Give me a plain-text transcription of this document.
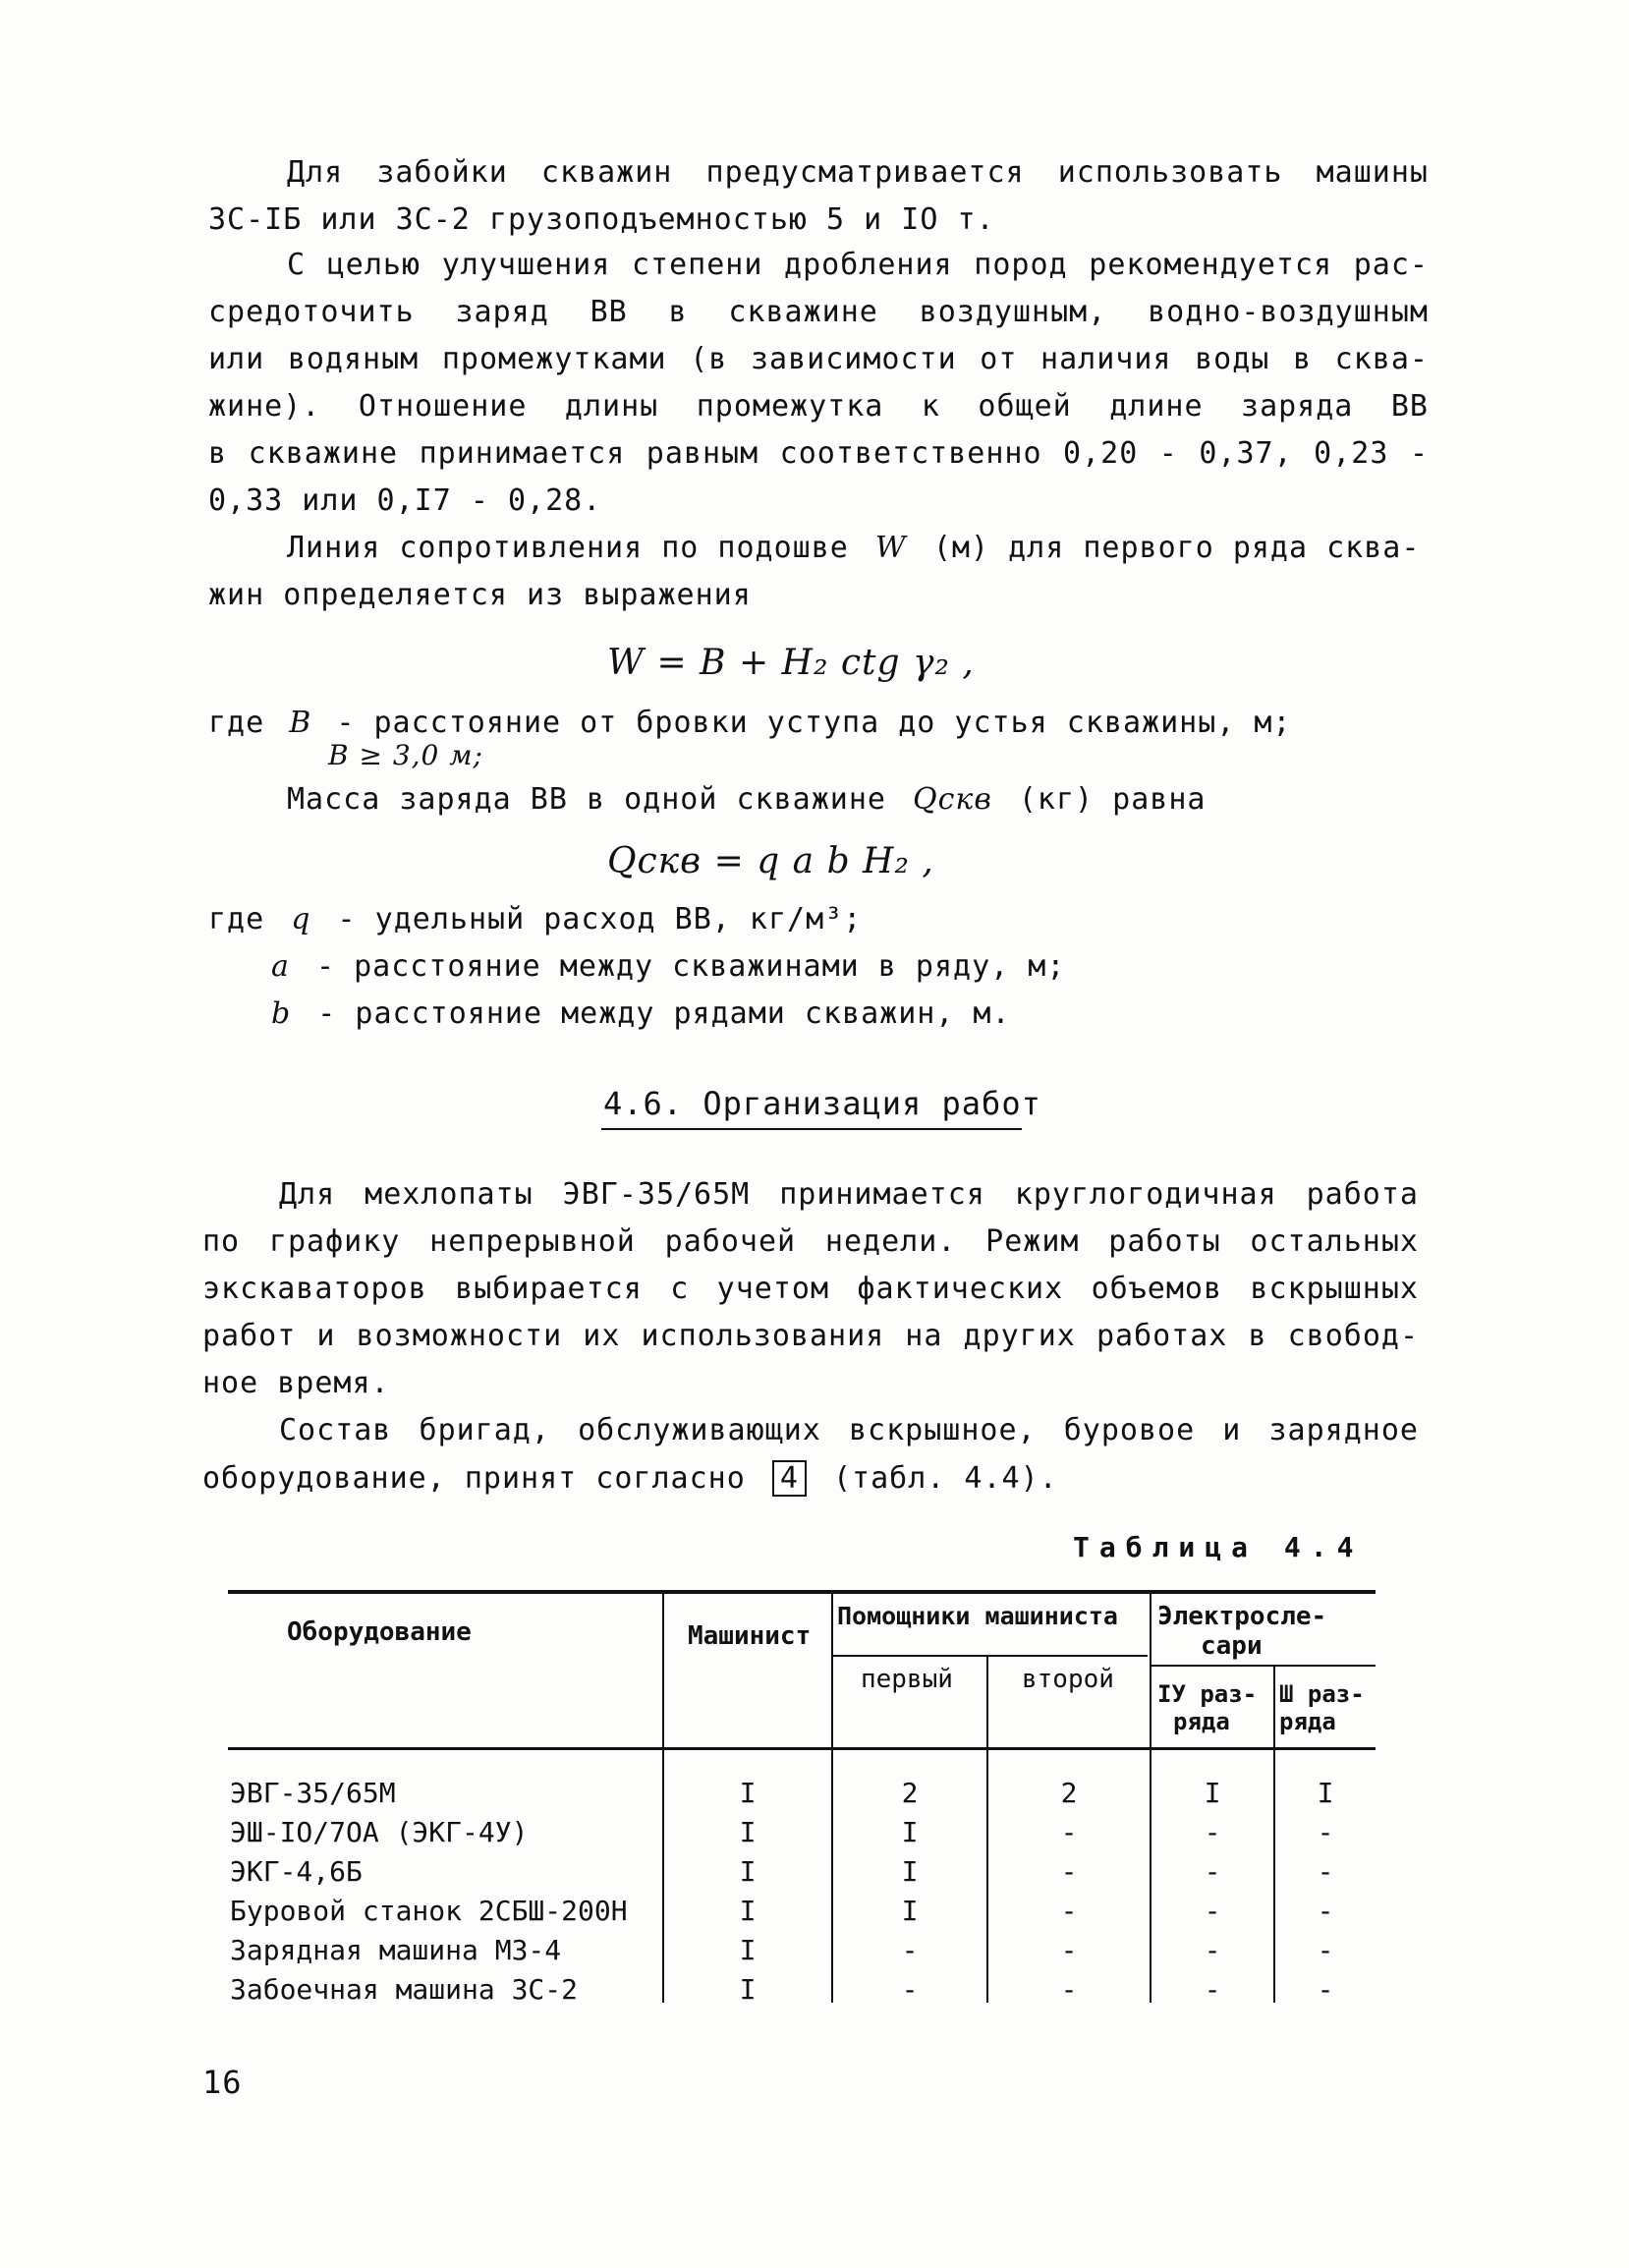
Для забойки скважин предусматривается использовать машины
ЗС-IБ или ЗС-2 грузоподъемностью 5 и IO т.
С целью улучшения степени дробления пород рекомендуется рас-
средоточить заряд ВВ в скважине воздушным, водно-воздушным
или водяным промежутками (в зависимости от наличия воды в сква-
жине). Отношение длины промежутка к общей длине заряда ВВ
в скважине принимается равным соответственно 0,20 - 0,37, 0,23 -
0,33 или 0,I7 - 0,28.
Линия сопротивления по подошве W (м) для первого ряда сква-
жин определяется из выражения
W = B + H₂ ctg γ₂ ,
где B - расстояние от бровки уступа до устья скважины, м;
B ≥ 3,0 м;
Масса заряда ВВ в одной скважине Qскв (кг) равна
Qскв = q a b H₂ ,
где q - удельный расход ВВ, кг/м³;
a - расстояние между скважинами в ряду, м;
b - расстояние между рядами скважин, м.
4.6. Организация работ
Для мехлопаты ЭВГ-35/65М принимается круглогодичная работа
по графику непрерывной рабочей недели. Режим работы остальных
экскаваторов выбирается с учетом фактических объемов вскрышных
работ и возможности их использования на других работах в свобод-
ное время.
Состав бригад, обслуживающих вскрышное, буровое и зарядное
оборудование, принят согласно 4 (табл. 4.4).
Таблица 4.4
Оборудование	Машинист
Помощники машиниста
первый	второй
Электросле-
сари
IУ раз-
ряда
Ш раз-
ряда
ЭВГ-35/65М	I	2	2	I	I
ЭШ-IO/7OА (ЭКГ-4У)	I	I	-	-	-
ЭКГ-4,6Б	I	I	-	-	-
Буровой станок 2СБШ-200Н	I	I	-	-	-
Зарядная машина МЗ-4	I	-	-	-	-
Забоечная машина ЗС-2	I	-	-	-	-
16
